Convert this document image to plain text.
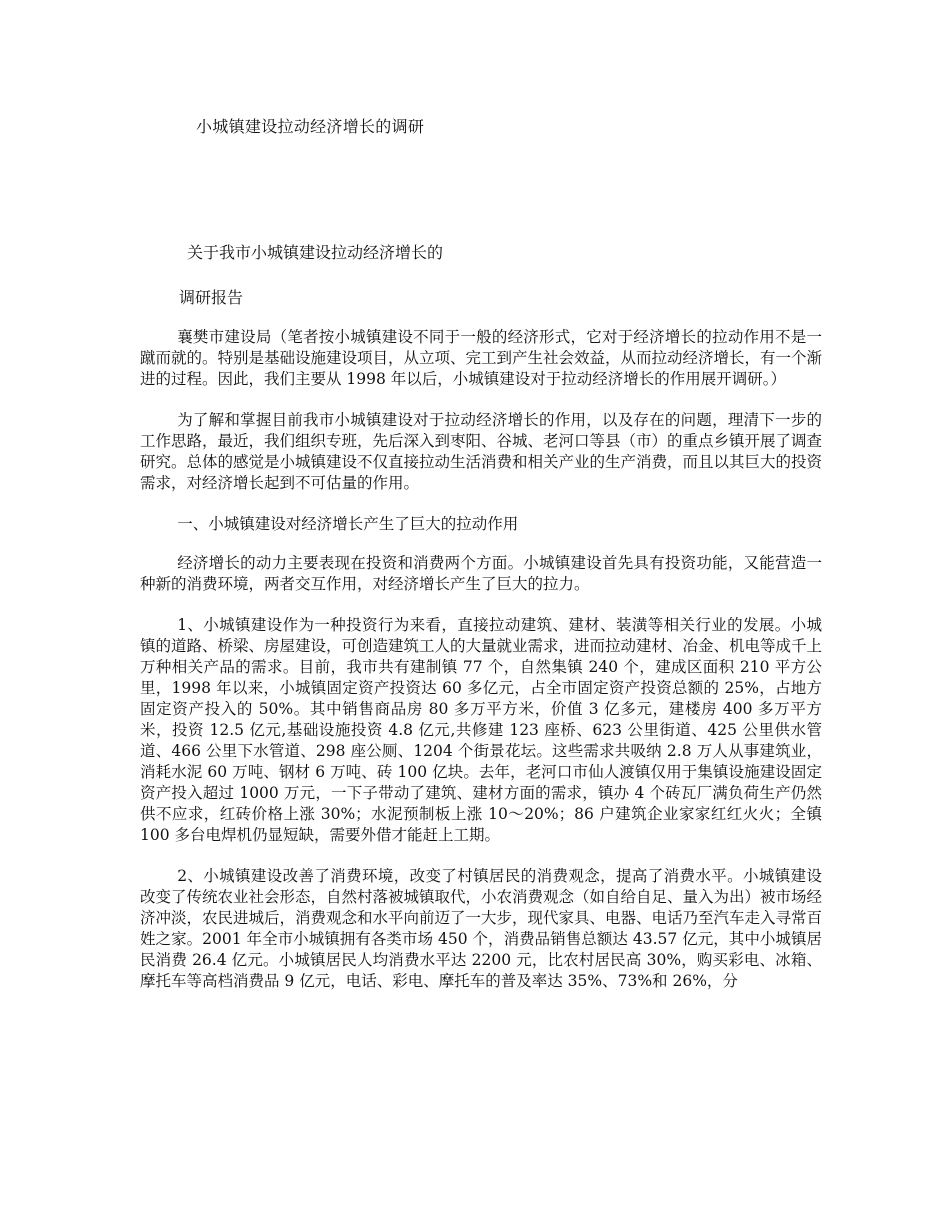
小城镇建设拉动经济增长的调研
关于我市小城镇建设拉动经济增长的
调研报告

襄樊市建设局（笔者按小城镇建设不同于一般的经济形式，它对于经济增长的拉动作用不是一蹴而就的。特别是基础设施建设项目，从立项、完工到产生社会效益，从而拉动经济增长，有一个渐进的过程。因此，我们主要从 1998 年以后，小城镇建设对于拉动经济增长的作用展开调研。）

为了解和掌握目前我市小城镇建设对于拉动经济增长的作用，以及存在的问题，理清下一步的工作思路，最近，我们组织专班，先后深入到枣阳、谷城、老河口等县（市）的重点乡镇开展了调查研究。总体的感觉是小城镇建设不仅直接拉动生活消费和相关产业的生产消费，而且以其巨大的投资需求，对经济增长起到不可估量的作用。

一、小城镇建设对经济增长产生了巨大的拉动作用

经济增长的动力主要表现在投资和消费两个方面。小城镇建设首先具有投资功能，又能营造一种新的消费环境，两者交互作用，对经济增长产生了巨大的拉力。

1、小城镇建设作为一种投资行为来看，直接拉动建筑、建材、装潢等相关行业的发展。小城镇的道路、桥梁、房屋建设，可创造建筑工人的大量就业需求，进而拉动建材、冶金、机电等成千上万种相关产品的需求。目前，我市共有建制镇 77 个，自然集镇 240 个，建成区面积 210 平方公里，1998 年以来，小城镇固定资产投资达 60 多亿元，占全市固定资产投资总额的 25%，占地方固定资产投入的 50%。其中销售商品房 80 多万平方米，价值 3 亿多元，建楼房 400 多万平方米，投资 12.5 亿元,基础设施投资 4.8 亿元,共修建 123 座桥、623 公里街道、425 公里供水管道、466 公里下水管道、298 座公厕、1204 个街景花坛。这些需求共吸纳 2.8 万人从事建筑业，消耗水泥 60 万吨、钢材 6 万吨、砖 100 亿块。去年，老河口市仙人渡镇仅用于集镇设施建设固定资产投入超过 1000 万元，一下子带动了建筑、建材方面的需求，镇办 4 个砖瓦厂满负荷生产仍然供不应求，红砖价格上涨 30%；水泥预制板上涨 10～20%；86 户建筑企业家家红红火火；全镇 100 多台电焊机仍显短缺，需要外借才能赶上工期。

2、小城镇建设改善了消费环境，改变了村镇居民的消费观念，提高了消费水平。小城镇建设改变了传统农业社会形态，自然村落被城镇取代，小农消费观念（如自给自足、量入为出）被市场经济冲淡，农民进城后，消费观念和水平向前迈了一大步，现代家具、电器、电话乃至汽车走入寻常百姓之家。2001 年全市小城镇拥有各类市场 450 个，消费品销售总额达 43.57 亿元，其中小城镇居民消费 26.4 亿元。小城镇居民人均消费水平达 2200 元，比农村居民高 30%，购买彩电、冰箱、摩托车等高档消费品 9 亿元，电话、彩电、摩托车的普及率达 35%、73%和 26%，分
